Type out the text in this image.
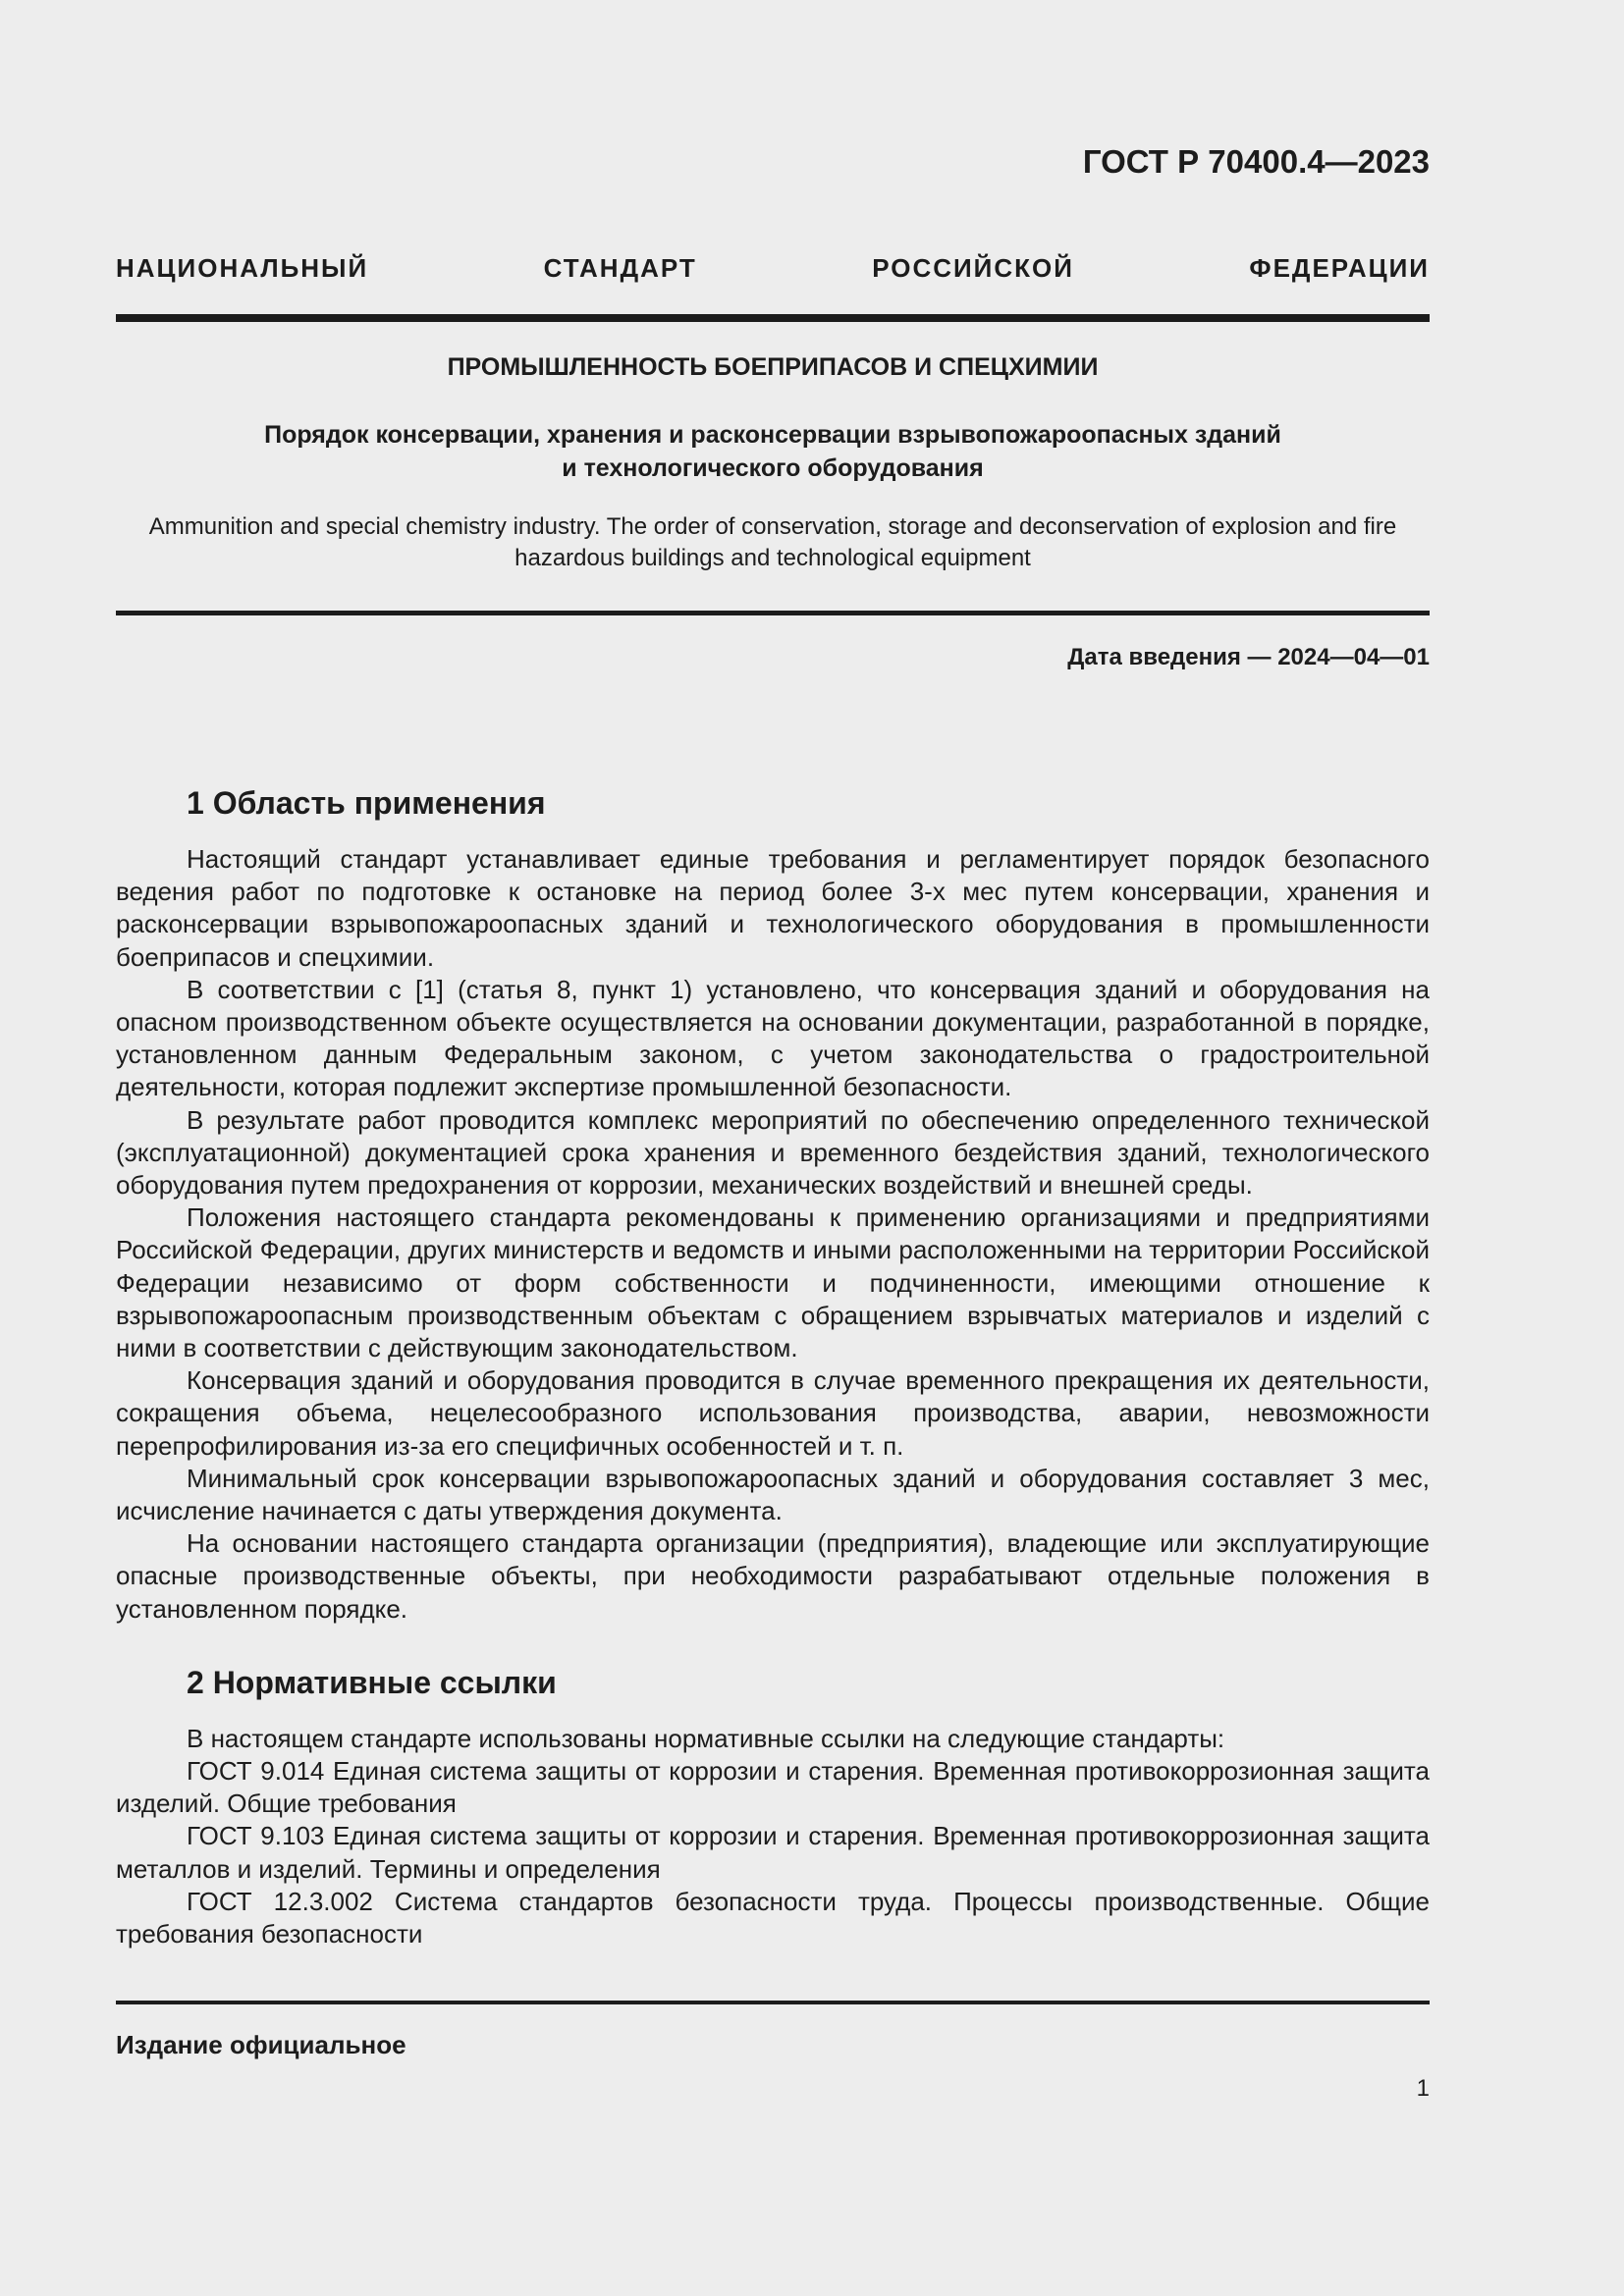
ГОСТ Р 70400.4—2023
НАЦИОНАЛЬНЫЙ СТАНДАРТ РОССИЙСКОЙ ФЕДЕРАЦИИ
ПРОМЫШЛЕННОСТЬ БОЕПРИПАСОВ И СПЕЦХИМИИ
Порядок консервации, хранения и расконсервации взрывопожароопасных зданий
и технологического оборудования
Ammunition and special chemistry industry. The order of conservation, storage and deconservation of explosion and fire
hazardous buildings and technological equipment
Дата введения — 2024—04—01
1 Область применения

Настоящий стандарт устанавливает единые требования и регламентирует порядок безопасного ведения работ по подготовке к остановке на период более 3-х мес путем консервации, хранения и расконсервации взрывопожароопасных зданий и технологического оборудования в промышленности боеприпасов и спецхимии.

В соответствии с [1] (статья 8, пункт 1) установлено, что консервация зданий и оборудования на опасном производственном объекте осуществляется на основании документации, разработанной в порядке, установленном данным Федеральным законом, с учетом законодательства о градостроительной деятельности, которая подлежит экспертизе промышленной безопасности.

В результате работ проводится комплекс мероприятий по обеспечению определенного технической (эксплуатационной) документацией срока хранения и временного бездействия зданий, технологического оборудования путем предохранения от коррозии, механических воздействий и внешней среды.

Положения настоящего стандарта рекомендованы к применению организациями и предприятиями Российской Федерации, других министерств и ведомств и иными расположенными на территории Российской Федерации независимо от форм собственности и подчиненности, имеющими отношение к взрывопожароопасным производственным объектам с обращением взрывчатых материалов и изделий с ними в соответствии с действующим законодательством.

Консервация зданий и оборудования проводится в случае временного прекращения их деятельности, сокращения объема, нецелесообразного использования производства, аварии, невозможности перепрофилирования из-за его специфичных особенностей и т. п.

Минимальный срок консервации взрывопожароопасных зданий и оборудования составляет 3 мес, исчисление начинается с даты утверждения документа.

На основании настоящего стандарта организации (предприятия), владеющие или эксплуатирующие опасные производственные объекты, при необходимости разрабатывают отдельные положения в установленном порядке.

2 Нормативные ссылки

В настоящем стандарте использованы нормативные ссылки на следующие стандарты:

ГОСТ 9.014 Единая система защиты от коррозии и старения. Временная противокоррозионная защита изделий. Общие требования

ГОСТ 9.103 Единая система защиты от коррозии и старения. Временная противокоррозионная защита металлов и изделий. Термины и определения

ГОСТ 12.3.002 Система стандартов безопасности труда. Процессы производственные. Общие требования безопасности

Издание официальное
1
